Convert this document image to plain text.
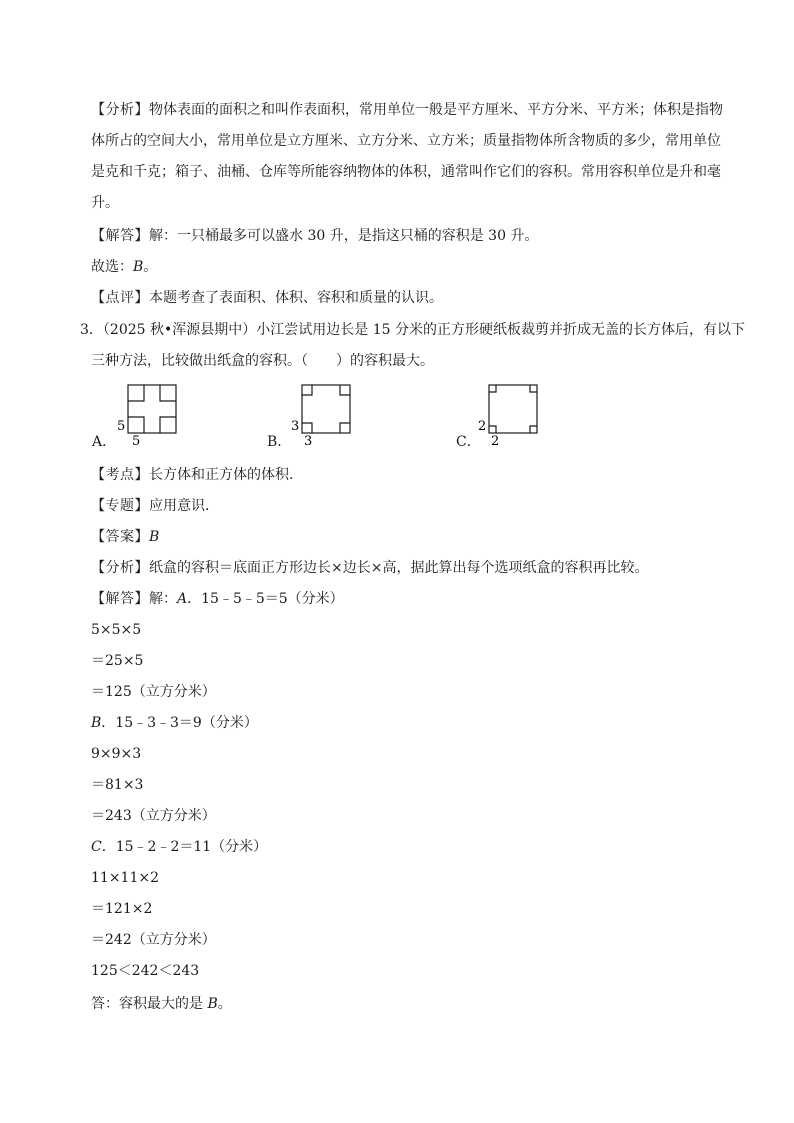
【分析】物体表面的面积之和叫作表面积，常用单位一般是平方厘米、平方分米、平方米；体积是指物
体所占的空间大小，常用单位是立方厘米、立方分米、立方米；质量指物体所含物质的多少，常用单位
是克和千克；箱子、油桶、仓库等所能容纳物体的体积，通常叫作它们的容积。常用容积单位是升和毫
升。
【解答】解：一只桶最多可以盛水 30 升，是指这只桶的容积是 30 升。
故选：B。
【点评】本题考查了表面积、体积、容积和质量的认识。
3．（2025 秋•浑源县期中）小江尝试用边长是 15 分米的正方形硬纸板裁剪并折成无盖的长方体后，有以下
三种方法，比较做出纸盒的容积。（　　）的容积最大。
A．
5
5	B．
3
3	C．
2
2
【考点】长方体和正方体的体积．
【专题】应用意识．
【答案】B
【分析】纸盒的容积＝底面正方形边长×边长×高，据此算出每个选项纸盒的容积再比较。
【解答】解：A．15﹣5﹣5＝5（分米）
5×5×5
＝25×5
＝125（立方分米）
B．15﹣3﹣3＝9（分米）
9×9×3
＝81×3
＝243（立方分米）
C．15﹣2﹣2＝11（分米）
11×11×2
＝121×2
＝242（立方分米）
125＜242＜243
答：容积最大的是 B。
